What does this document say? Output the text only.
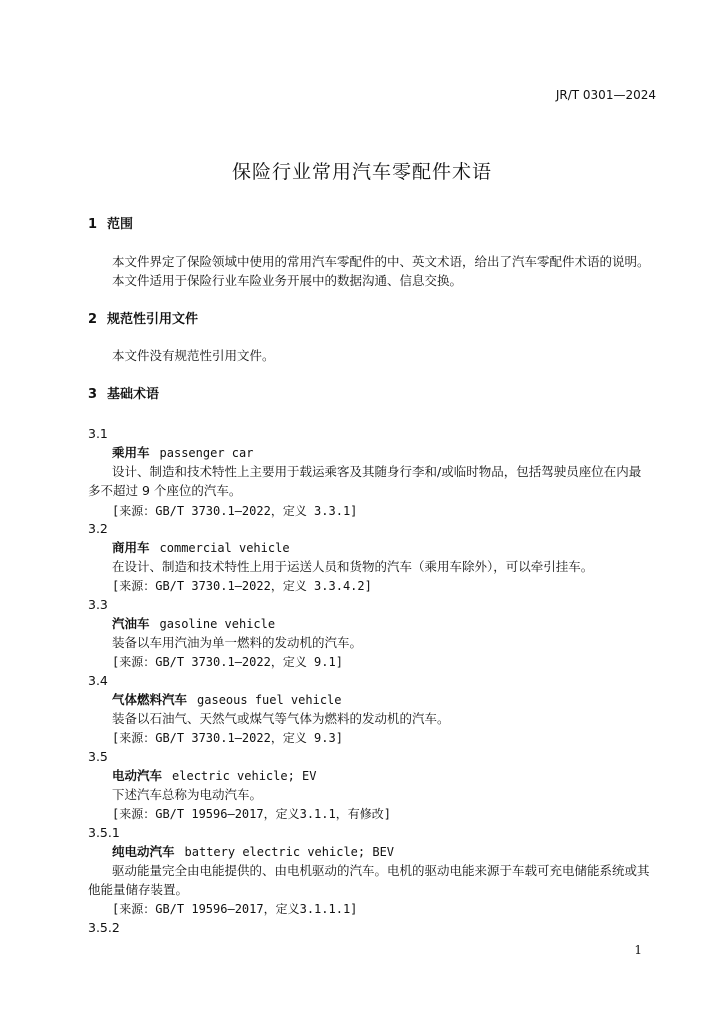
JR/T 0301—2024
保险行业常用汽车零配件术语
1 范围
本文件界定了保险领域中使用的常用汽车零配件的中、英文术语，给出了汽车零配件术语的说明。
本文件适用于保险行业车险业务开展中的数据沟通、信息交换。
2 规范性引用文件
本文件没有规范性引用文件。
3 基础术语
3.1
乘用车 passenger car
设计、制造和技术特性上主要用于载运乘客及其随身行李和/或临时物品，包括驾驶员座位在内最
多不超过 9 个座位的汽车。
[来源：GB/T 3730.1—2022，定义 3.3.1]
3.2
商用车 commercial vehicle
在设计、制造和技术特性上用于运送人员和货物的汽车（乘用车除外），可以牵引挂车。
[来源：GB/T 3730.1—2022，定义 3.3.4.2]
3.3
汽油车 gasoline vehicle
装备以车用汽油为单一燃料的发动机的汽车。
[来源：GB/T 3730.1—2022，定义 9.1]
3.4
气体燃料汽车 gaseous fuel vehicle
装备以石油气、天然气或煤气等气体为燃料的发动机的汽车。
[来源：GB/T 3730.1—2022，定义 9.3]
3.5
电动汽车 electric vehicle; EV
下述汽车总称为电动汽车。
[来源：GB/T 19596—2017，定义3.1.1，有修改]
3.5.1
纯电动汽车 battery electric vehicle; BEV
驱动能量完全由电能提供的、由电机驱动的汽车。电机的驱动电能来源于车载可充电储能系统或其
他能量储存装置。
[来源：GB/T 19596—2017，定义3.1.1.1]
3.5.2
1
